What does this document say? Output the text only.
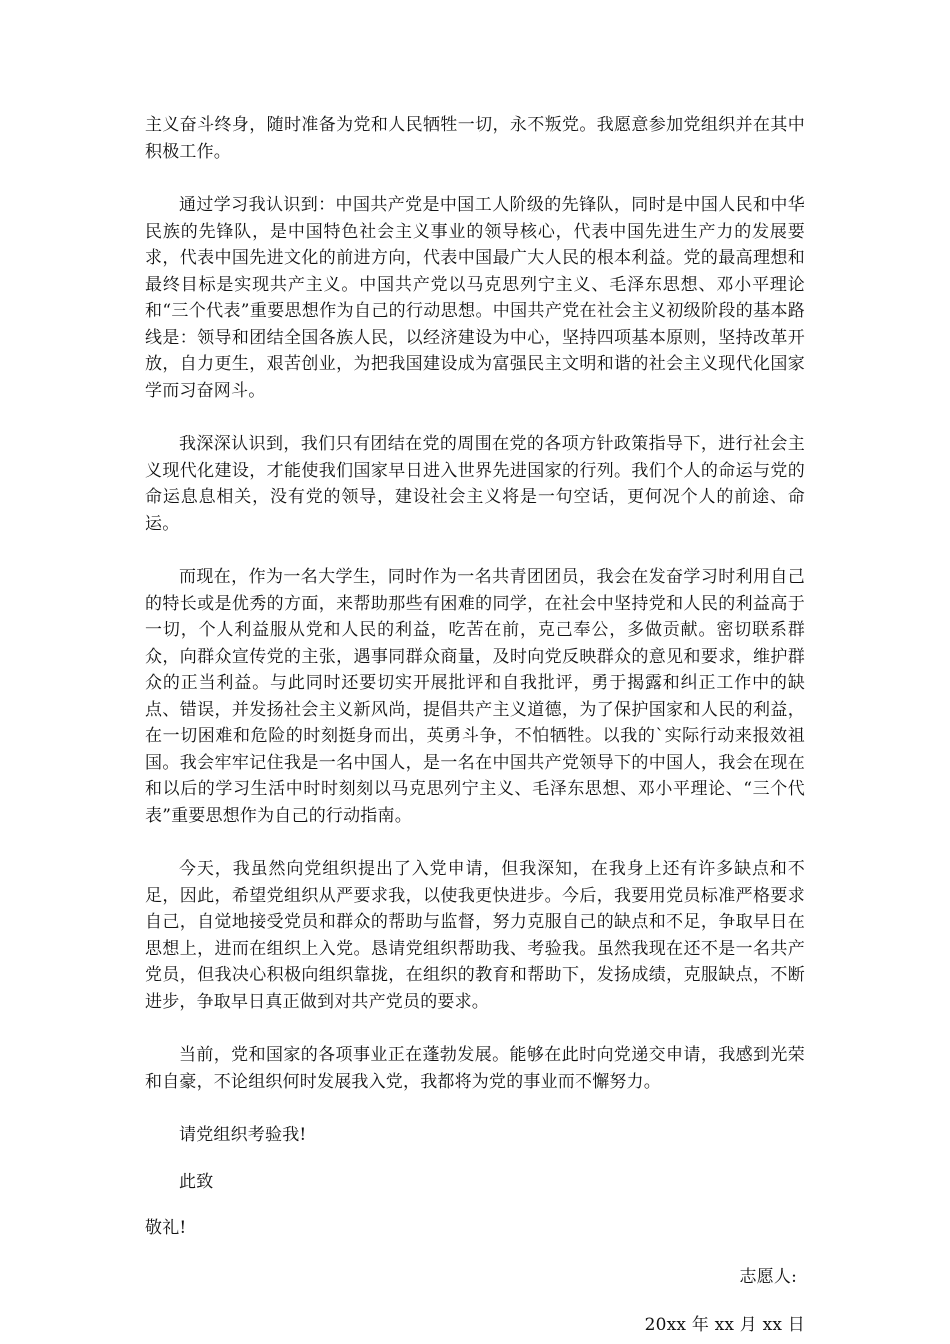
主义奋斗终身，随时准备为党和人民牺牲一切，永不叛党。我愿意参加党组织并在其中积极工作。

通过学习我认识到：中国共产党是中国工人阶级的先锋队，同时是中国人民和中华民族的先锋队，是中国特色社会主义事业的领导核心，代表中国先进生产力的发展要求，代表中国先进文化的前进方向，代表中国最广大人民的根本利益。党的最高理想和最终目标是实现共产主义。中国共产党以马克思列宁主义、毛泽东思想、邓小平理论和“三个代表”重要思想作为自己的行动思想。中国共产党在社会主义初级阶段的基本路线是：领导和团结全国各族人民，以经济建设为中心，坚持四项基本原则，坚持改革开放，自力更生，艰苦创业，为把我国建设成为富强民主文明和谐的社会主义现代化国家学而习奋网斗。

我深深认识到，我们只有团结在党的周围在党的各项方针政策指导下，进行社会主义现代化建设，才能使我们国家早日进入世界先进国家的行列。我们个人的命运与党的命运息息相关，没有党的领导，建设社会主义将是一句空话，更何况个人的前途、命运。

而现在，作为一名大学生，同时作为一名共青团团员，我会在发奋学习时利用自己的特长或是优秀的方面，来帮助那些有困难的同学，在社会中坚持党和人民的利益高于一切，个人利益服从党和人民的利益，吃苦在前，克己奉公，多做贡献。密切联系群众，向群众宣传党的主张，遇事同群众商量，及时向党反映群众的意见和要求，维护群众的正当利益。与此同时还要切实开展批评和自我批评，勇于揭露和纠正工作中的缺点、错误，并发扬社会主义新风尚，提倡共产主义道德，为了保护国家和人民的利益，在一切困难和危险的时刻挺身而出，英勇斗争，不怕牺牲。以我的`实际行动来报效祖国。我会牢牢记住我是一名中国人，是一名在中国共产党领导下的中国人，我会在现在和以后的学习生活中时时刻刻以马克思列宁主义、毛泽东思想、邓小平理论、“三个代表”重要思想作为自己的行动指南。

今天，我虽然向党组织提出了入党申请，但我深知，在我身上还有许多缺点和不足，因此，希望党组织从严要求我，以使我更快进步。今后，我要用党员标准严格要求自己，自觉地接受党员和群众的帮助与监督，努力克服自己的缺点和不足，争取早日在思想上，进而在组织上入党。恳请党组织帮助我、考验我。虽然我现在还不是一名共产党员，但我决心积极向组织靠拢，在组织的教育和帮助下，发扬成绩，克服缺点，不断进步，争取早日真正做到对共产党员的要求。

当前，党和国家的各项事业正在蓬勃发展。能够在此时向党递交申请，我感到光荣和自豪，不论组织何时发展我入党，我都将为党的事业而不懈努力。

请党组织考验我!

此致

敬礼!

志愿人:

20xx 年 xx 月 xx 日
